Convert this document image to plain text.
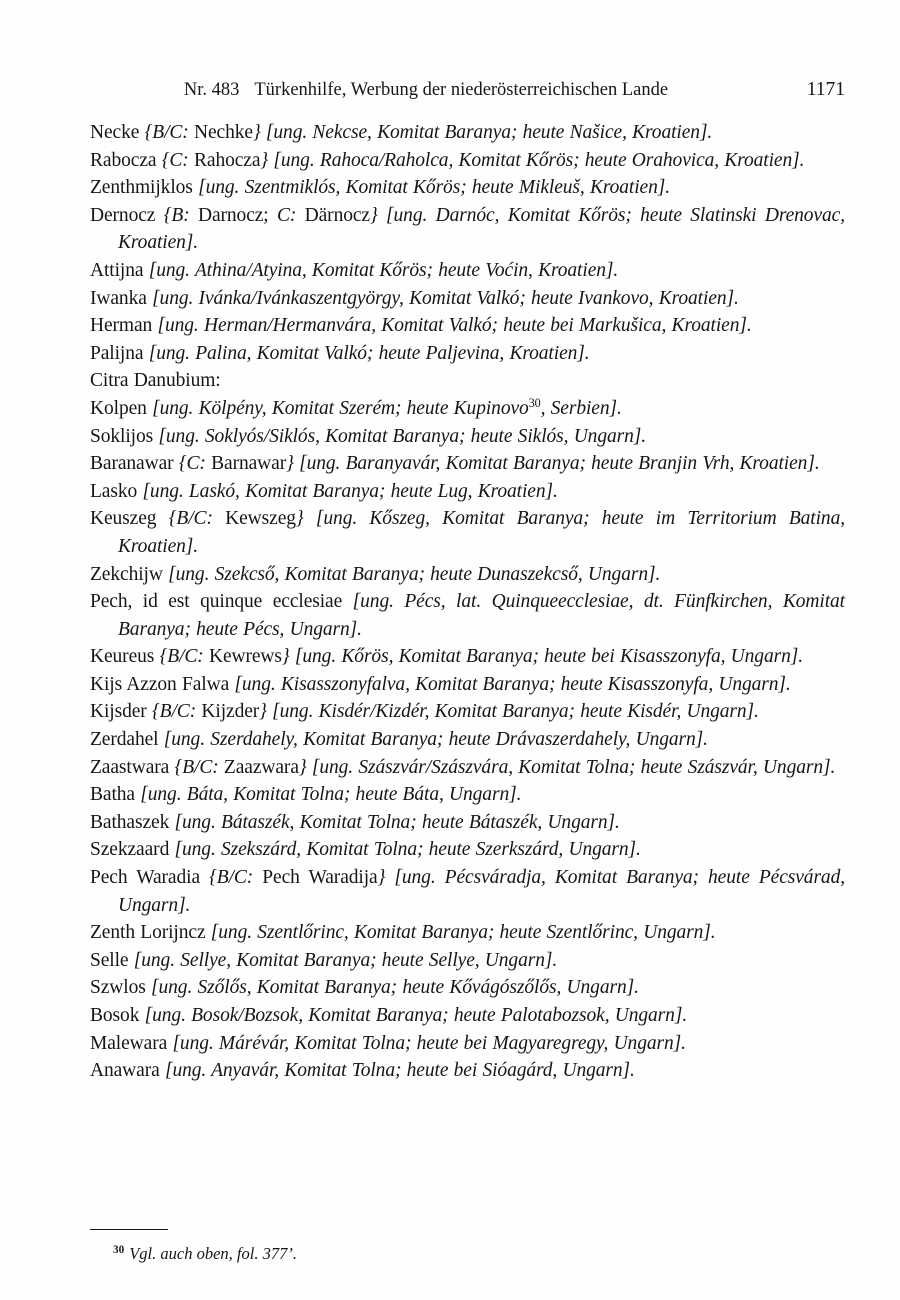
Nr. 483 Türkenhilfe, Werbung der niederösterreichischen Lande	1171

Necke {B/C: Nechke} [ung. Nekcse, Komitat Baranya; heute Našice, Kroatien].

Rabocza {C: Rahocza} [ung. Rahoca/Raholca, Komitat Kőrös; heute Orahovica, Kroatien].

Zenthmijklos [ung. Szentmiklós, Komitat Kőrös; heute Mikleuš, Kroatien].

Dernocz {B: Darnocz; C: Därnocz} [ung. Darnóc, Komitat Kőrös; heute Slatinski Drenovac, Kroatien].

Attijna [ung. Athina/Atyina, Komitat Kőrös; heute Voćin, Kroatien].

Iwanka [ung. Ivánka/Ivánkaszentgyörgy, Komitat Valkó; heute Ivankovo, Kroatien].

Herman [ung. Herman/Hermanvára, Komitat Valkó; heute bei Markušica, Kroatien].

Palijna [ung. Palina, Komitat Valkó; heute Paljevina, Kroatien].

Citra Danubium:

Kolpen [ung. Kölpény, Komitat Szerém; heute Kupinovo$^{30}$, Serbien].

Soklijos [ung. Soklyós/Siklós, Komitat Baranya; heute Siklós, Ungarn].

Baranawar {C: Barnawar} [ung. Baranyavár, Komitat Baranya; heute Branjin Vrh, Kroatien].

Lasko [ung. Laskó, Komitat Baranya; heute Lug, Kroatien].

Keuszeg {B/C: Kewszeg} [ung. Kőszeg, Komitat Baranya; heute im Territorium Batina, Kroatien].

Zekchijw [ung. Szekcső, Komitat Baranya; heute Dunaszekcső, Ungarn].

Pech, id est quinque ecclesiae [ung. Pécs, lat. Quinqueecclesiae, dt. Fünfkirchen, Komitat Baranya; heute Pécs, Ungarn].

Keureus {B/C: Kewrews} [ung. Kőrös, Komitat Baranya; heute bei Kisasszonyfa, Ungarn].

Kijs Azzon Falwa [ung. Kisasszonyfalva, Komitat Baranya; heute Kisasszonyfa, Ungarn].

Kijsder {B/C: Kijzder} [ung. Kisdér/Kizdér, Komitat Baranya; heute Kisdér, Ungarn].

Zerdahel [ung. Szerdahely, Komitat Baranya; heute Drávaszerdahely, Ungarn].

Zaastwara {B/C: Zaazwara} [ung. Szászvár/Szászvára, Komitat Tolna; heute Szászvár, Ungarn].

Batha [ung. Báta, Komitat Tolna; heute Báta, Ungarn].

Bathaszek [ung. Bátaszék, Komitat Tolna; heute Bátaszék, Ungarn].

Szekzaard [ung. Szekszárd, Komitat Tolna; heute Szerkszárd, Ungarn].

Pech Waradia {B/C: Pech Waradija} [ung. Pécsváradja, Komitat Baranya; heute Pécsvárad, Ungarn].

Zenth Lorijncz [ung. Szentlőrinc, Komitat Baranya; heute Szentlőrinc, Ungarn].

Selle [ung. Sellye, Komitat Baranya; heute Sellye, Ungarn].

Szwlos [ung. Szőlős, Komitat Baranya; heute Kővágószőlős, Ungarn].

Bosok [ung. Bosok/Bozsok, Komitat Baranya; heute Palotabozsok, Ungarn].

Malewara [ung. Márévár, Komitat Tolna; heute bei Magyaregregy, Ungarn].

Anawara [ung. Anyavár, Komitat Tolna; heute bei Sióagárd, Ungarn].

$^{30}$ Vgl. auch oben, fol. 377’.
